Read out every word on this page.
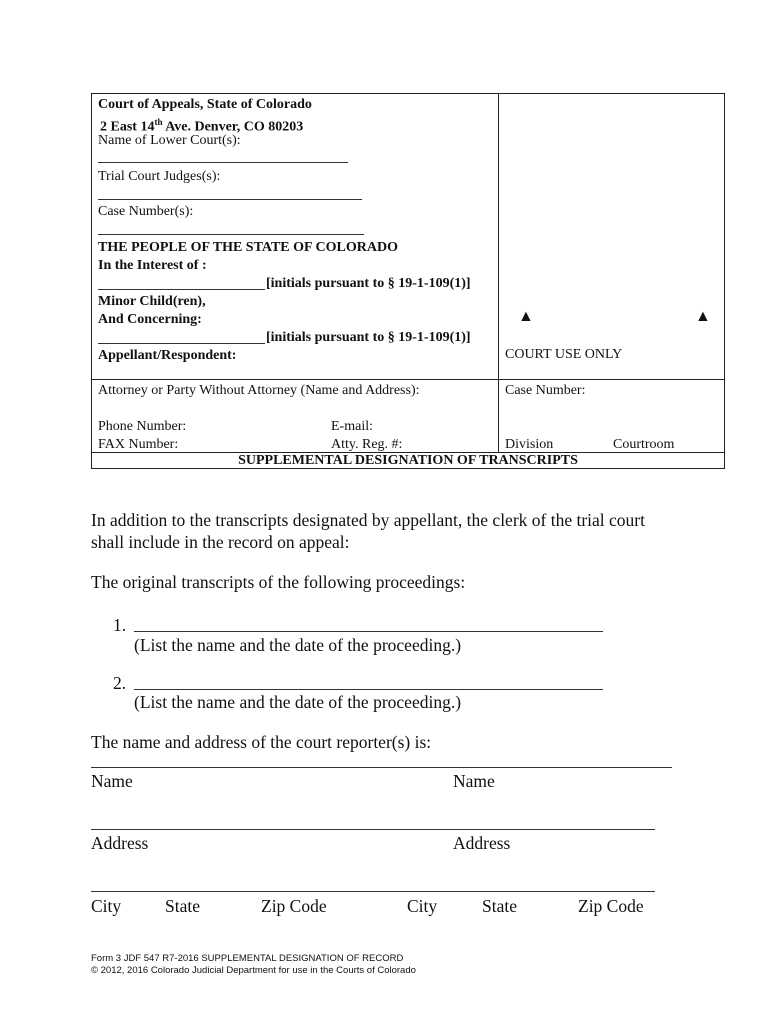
Court of Appeals, State of Colorado
2 East 14th Ave. Denver, CO 80203
Name of Lower Court(s):
Trial Court Judges(s):
Case Number(s):
THE PEOPLE OF THE STATE OF COLORADO
In the Interest of :
[initials pursuant to § 19-1-109(1)]
Minor Child(ren),
And Concerning:
[initials pursuant to § 19-1-109(1)]
Appellant/Respondent:
▲	▲
COURT USE ONLY
Attorney or Party Without Attorney (Name and Address):
Phone Number:	E-mail:
FAX Number:	Atty. Reg. #:
Case Number:
Division	Courtroom
SUPPLEMENTAL DESIGNATION OF TRANSCRIPTS
In addition to the transcripts designated by appellant, the clerk of the trial court
shall include in the record on appeal:
The original transcripts of the following proceedings:
1.
(List the name and the date of the proceeding.)
2.
(List the name and the date of the proceeding.)
The name and address of the court reporter(s) is:
Name	Name
Address	Address
City	State	Zip Code	City	State	Zip Code
Form 3 JDF 547 R7-2016 SUPPLEMENTAL DESIGNATION OF RECORD
© 2012, 2016 Colorado Judicial Department for use in the Courts of Colorado
